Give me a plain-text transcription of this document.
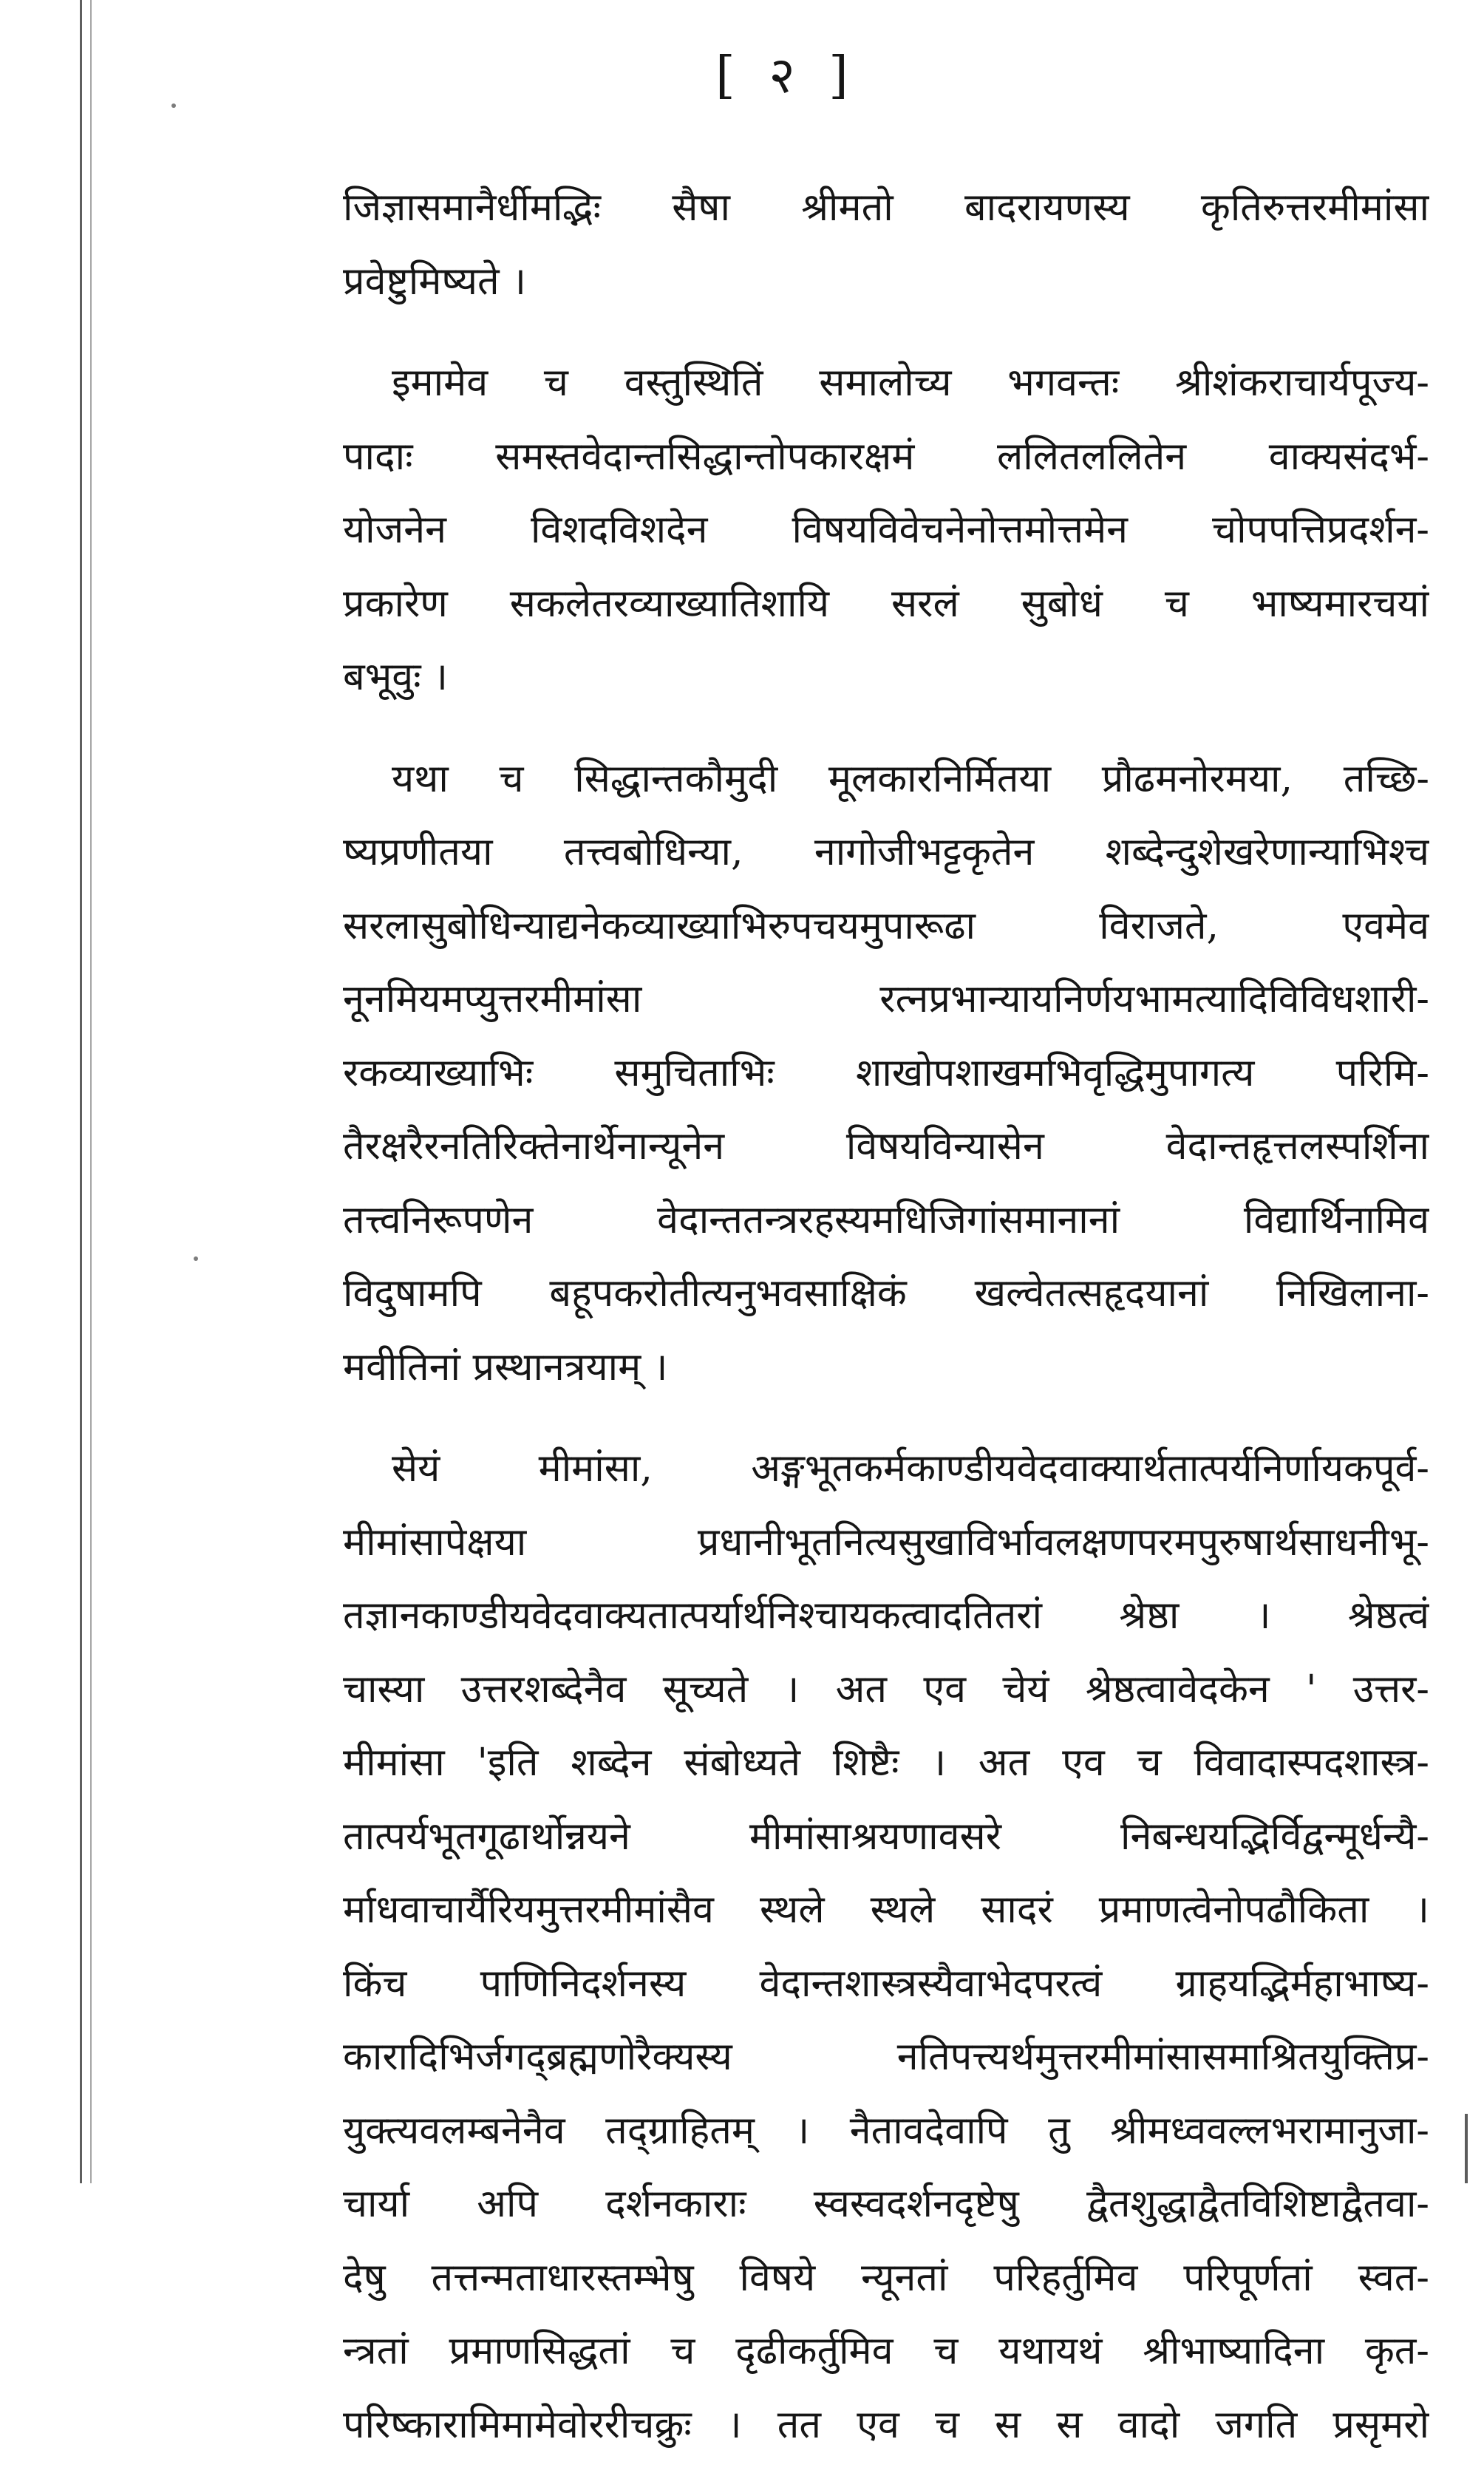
[ २ ]

जिज्ञासमानैर्धीमद्भिः सैषा श्रीमतो बादरायणस्य कृतिरुत्तरमीमांसा
प्रवेष्टुमिष्यते ।

इमामेव च वस्तुस्थितिं समालोच्य भगवन्तः श्रीशंकराचार्यपूज्य-
पादाः समस्तवेदान्तसिद्धान्तोपकारक्षमं ललितललितेन वाक्यसंदर्भ-
योजनेन विशदविशदेन विषयविवेचनेनोत्तमोत्तमेन चोपपत्तिप्रदर्शन-
प्रकारेण सकलेतरव्याख्यातिशायि सरलं सुबोधं च भाष्यमारचयां
बभूवुः ।

यथा च सिद्धान्तकौमुदी मूलकारनिर्मितया प्रौढमनोरमया, तच्छि-
ष्यप्रणीतया तत्त्वबोधिन्या, नागोजीभट्टकृतेन शब्देन्दुशेखरेणान्याभिश्च
सरलासुबोधिन्याद्यनेकव्याख्याभिरुपचयमुपारूढा विराजते, एवमेव
नूनमियमप्युत्तरमीमांसा रत्नप्रभान्यायनिर्णयभामत्यादिविविधशारी-
रकव्याख्याभिः समुचिताभिः शाखोपशाखमभिवृद्धिमुपागत्य परिमि-
तैरक्षरैरनतिरिक्तेनार्थेनान्यूनेन विषयविन्यासेन वेदान्तहृत्तलस्पर्शिना
तत्त्वनिरूपणेन वेदान्ततन्त्ररहस्यमधिजिगांसमानानां विद्यार्थिनामिव
विदुषामपि बहूपकरोतीत्यनुभवसाक्षिकं खल्वेतत्सहृदयानां निखिलाना-
मवीतिनां प्रस्थानत्रयाम् ।

सेयं मीमांसा, अङ्गभूतकर्मकाण्डीयवेदवाक्यार्थतात्पर्यनिर्णायकपूर्व-
मीमांसापेक्षया प्रधानीभूतनित्यसुखाविर्भावलक्षणपरमपुरुषार्थसाधनीभू-
तज्ञानकाण्डीयवेदवाक्यतात्पर्यार्थनिश्चायकत्वादतितरां श्रेष्ठा । श्रेष्ठत्वं
चास्या उत्तरशब्देनैव सूच्यते । अत एव चेयं श्रेष्ठत्वावेदकेन ' उत्तर-
मीमांसा 'इति शब्देन संबोध्यते शिष्टैः । अत एव च विवादास्पदशास्त्र-
तात्पर्यभूतगूढार्थोन्नयने मीमांसाश्रयणावसरे निबन्धयद्भिर्विद्वन्मूर्धन्यै-
र्माधवाचार्यैरियमुत्तरमीमांसैव स्थले स्थले सादरं प्रमाणत्वेनोपढौकिता ।
किंच पाणिनिदर्शनस्य वेदान्तशास्त्रस्यैवाभेदपरत्वं ग्राहयद्भिर्महाभाष्य-
कारादिभिर्जगद्ब्रह्मणोरैक्यस्य नतिपत्त्यर्थमुत्तरमीमांसासमाश्रितयुक्तिप्र-
युक्त्यवलम्बनेनैव तद्ग्राहितम् । नैतावदेवापि तु श्रीमध्ववल्लभरामानुजा-
चार्या अपि दर्शनकाराः स्वस्वदर्शनदृष्टेषु द्वैतशुद्धाद्वैतविशिष्टाद्वैतवा-
देषु तत्तन्मताधारस्तम्भेषु विषये न्यूनतां परिहर्तुमिव परिपूर्णतां स्वत-
न्त्रतां प्रमाणसिद्धतां च दृढीकर्तुमिव च यथायथं श्रीभाष्यादिना कृत-
परिष्कारामिमामेवोररीचक्रुः । तत एव च स स वादो जगति प्रसृमरो
